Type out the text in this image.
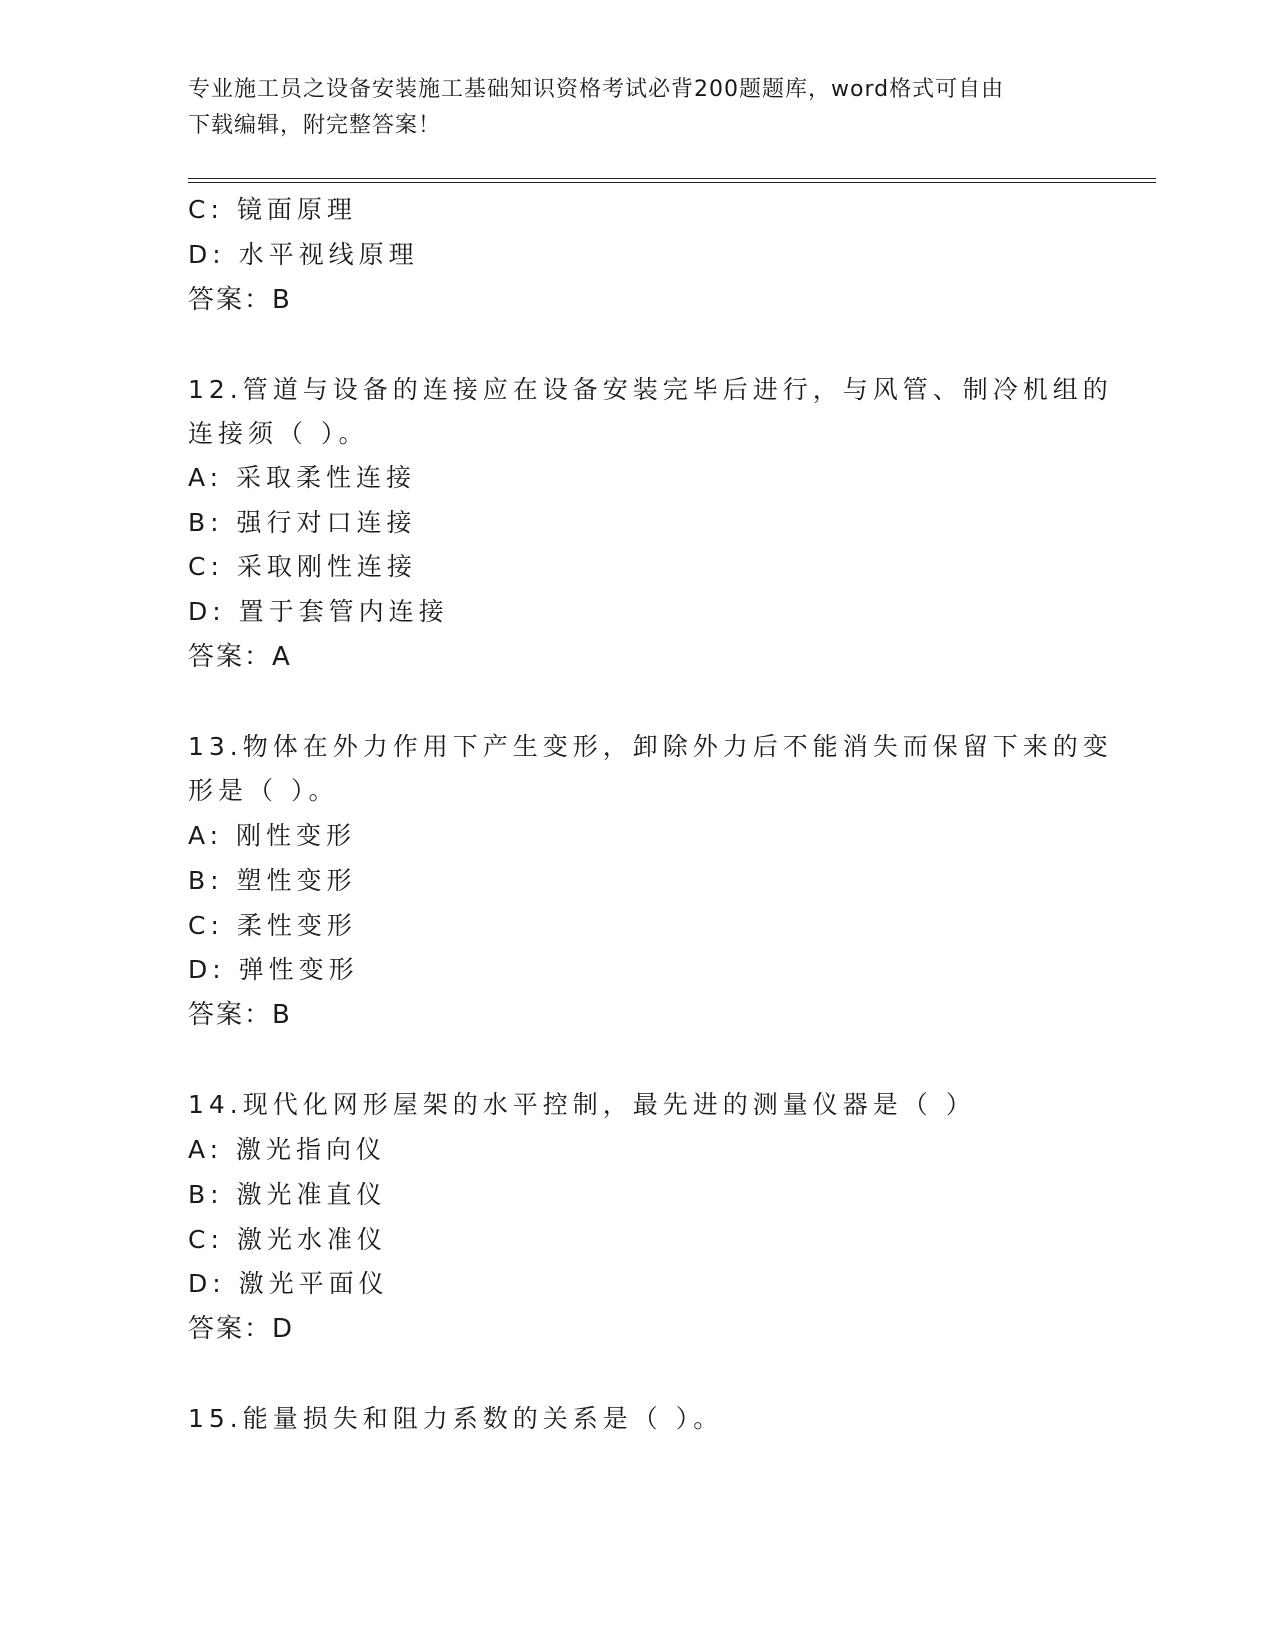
专业施工员之设备安装施工基础知识资格考试必背200题题库，word格式可自由
下载编辑，附完整答案！
C: 镜面原理
D: 水平视线原理
答案：B
12.管道与设备的连接应在设备安装完毕后进行，与风管、制冷机组的
连接须（ ）。
A: 采取柔性连接
B: 强行对口连接
C: 采取刚性连接
D: 置于套管内连接
答案：A
13.物体在外力作用下产生变形，卸除外力后不能消失而保留下来的变
形是（ ）。
A: 刚性变形
B: 塑性变形
C: 柔性变形
D: 弹性变形
答案：B
14.现代化网形屋架的水平控制，最先进的测量仪器是（ ）
A: 激光指向仪
B: 激光准直仪
C: 激光水准仪
D: 激光平面仪
答案：D
15.能量损失和阻力系数的关系是（ ）。
